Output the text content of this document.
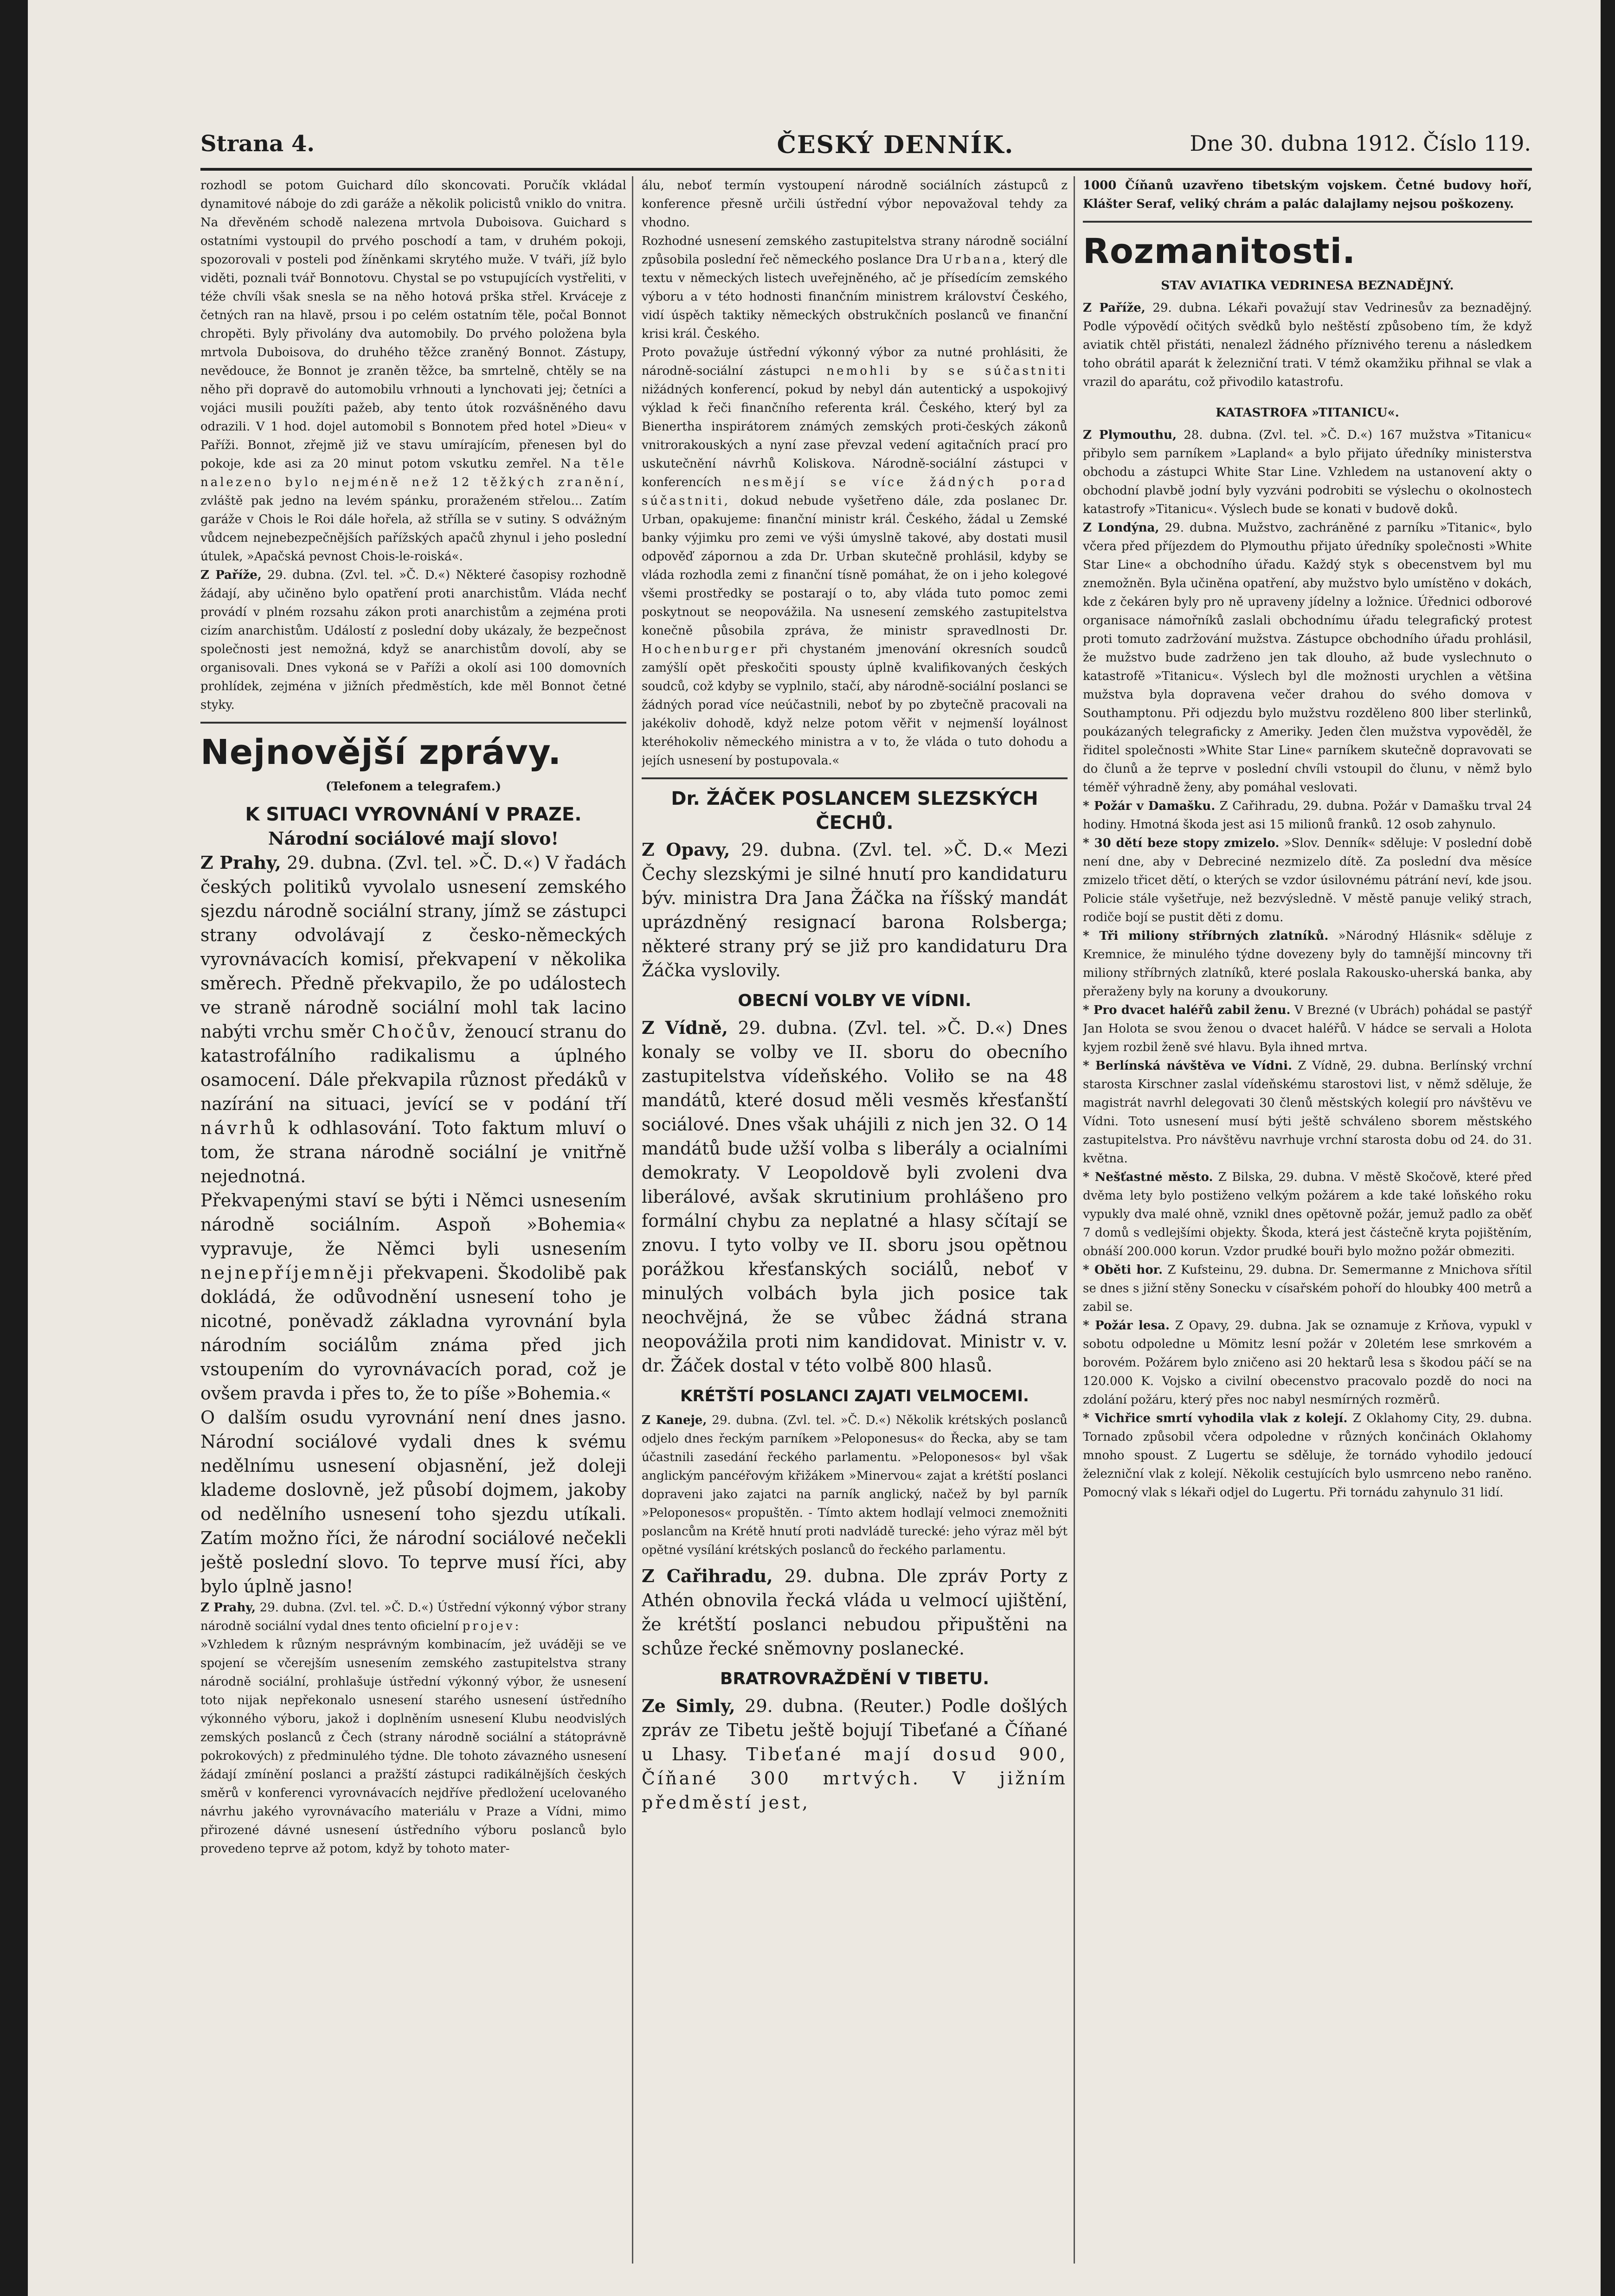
Strana 4.	ČESKÝ DENNÍK.	Dne 30. dubna 1912. Číslo 119.

rozhodl se potom Guichard dílo skoncovati. Poručík vkládal dynamitové náboje do zdi garáže a několik policistů vniklo do vnitra. Na dřevěném schodě nalezena mrtvola Duboisova. Guichard s ostatními vystoupil do prvého poschodí a tam, v druhém pokoji, spozorovali v posteli pod žíněnkami skrytého muže. V tváři, jíž bylo viděti, poznali tvář Bonnotovu. Chystal se po vstupujících vystřeliti, v téže chvíli však snesla se na něho hotová prška střel. Krváceje z četných ran na hlavě, prsou i po celém ostatním těle, počal Bonnot chropěti. Byly přivolány dva automobily. Do prvého položena byla mrtvola Duboisova, do druhého těžce zraněný Bonnot. Zástupy, nevědouce, že Bonnot je zraněn těžce, ba smrtelně, chtěly se na něho při dopravě do automobilu vrhnouti a lynchovati jej; četníci a vojáci musili použíti pažeb, aby tento útok rozvášněného davu odrazili. V 1 hod. dojel automobil s Bonnotem před hotel »Dieu« v Paříži. Bonnot, zřejmě již ve stavu umírajícím, přenesen byl do pokoje, kde asi za 20 minut potom vskutku zemřel. Na těle nalezeno bylo nejméně než 12 těžkých zranění, zvláště pak jedno na levém spánku, proraženém střelou... Zatím garáže v Chois le Roi dále hořela, až střílla se v sutiny. S odvážným vůdcem nejnebezpečnějších pařížských apačů zhynul i jeho poslední útulek, »Apačská pevnost Chois-le-roiská«.

Z Paříže, 29. dubna. (Zvl. tel. »Č. D.«) Některé časopisy rozhodně žádají, aby učiněno bylo opatření proti anarchistům. Vláda nechť provádí v plném rozsahu zákon proti anarchistům a zejména proti cizím anarchistům. Událostí z poslední doby ukázaly, že bezpečnost společnosti jest nemožná, když se anarchistům dovolí, aby se organisovali. Dnes vykoná se v Paříži a okolí asi 100 domovních prohlídek, zejména v jižních předměstích, kde měl Bonnot četné styky.

Nejnovější zprávy.
(Telefonem a telegrafem.)
K SITUACI VYROVNÁNÍ V PRAZE.
Národní sociálové mají slovo!

Z Prahy, 29. dubna. (Zvl. tel. »Č. D.«) V řadách českých politiků vyvolalo usnesení zemského sjezdu národně sociální strany, jímž se zástupci strany odvolávají z česko-německých vyrovnávacích komisí, překvapení v několika směrech. Předně překvapilo, že po událostech ve straně národně sociální mohl tak lacino nabýti vrchu směr Chočův, ženoucí stranu do katastrofálního radikalismu a úplného osamocení. Dále překvapila různost předáků v nazírání na situaci, jevící se v podání tří návrhů k odhlasování. Toto faktum mluví o tom, že strana národně sociální je vnitřně nejednotná.

Překvapenými staví se býti i Němci usnesením národně sociálním. Aspoň »Bohemia« vypravuje, že Němci byli usnesením nejnepříjemněji překvapeni. Škodolibě pak dokládá, že odůvodnění usnesení toho je nicotné, poněvadž základna vyrovnání byla národním sociálům známa před jich vstoupením do vyrovnávacích porad, což je ovšem pravda i přes to, že to píše »Bohemia.«

O dalším osudu vyrovnání není dnes jasno. Národní sociálové vydali dnes k svému nedělnímu usnesení objasnění, jež doleji klademe doslovně, jež působí dojmem, jakoby od nedělního usnesení toho sjezdu utíkali. Zatím možno říci, že národní sociálové nečekli ještě poslední slovo. To teprve musí říci, aby bylo úplně jasno!

Z Prahy, 29. dubna. (Zvl. tel. »Č. D.«) Ústřední výkonný výbor strany národně sociální vydal dnes tento oficielní projev:

»Vzhledem k různým nesprávným kombinacím, jež uváději se ve spojení se včerejším usnesením zemského zastupitelstva strany národně sociální, prohlašuje ústřední výkonný výbor, že usnesení toto nijak nepřekonalo usnesení starého usnesení ústředního výkonného výboru, jakož i doplněním usnesení Klubu neodvislých zemských poslanců z Čech (strany národně sociální a státoprávně pokrokových) z předminulého týdne. Dle tohoto závazného usnesení žádají zmínění poslanci a pražští zástupci radikálnějších českých směrů v konferenci vyrovnávacích nejdříve předložení ucelovaného návrhu jakého vyrovnávacího materiálu v Praze a Vídni, mimo přirozené dávné usnesení ústředního výboru poslanců bylo provedeno teprve až potom, když by tohoto mater-

álu, neboť termín vystoupení národně sociálních zástupců z konference přesně určili ústřední výbor nepovažoval tehdy za vhodno.

Rozhodné usnesení zemského zastupitelstva strany národně sociální způsobila poslední řeč německého poslance Dra Urbana, který dle textu v německých listech uveřejněného, ač je přísedícím zemského výboru a v této hodnosti finančním ministrem království Českého, vidí úspěch taktiky německých obstrukčních poslanců ve finanční krisi král. Českého.

Proto považuje ústřední výkonný výbor za nutné prohlásiti, že národně-sociální zástupci nemohli by se súčastniti nižádných konferencí, pokud by nebyl dán autentický a uspokojivý výklad k řeči finančního referenta král. Českého, který byl za Bienertha inspirátorem známých zemských proti-českých zákonů vnitrorakouských a nyní zase převzal vedení agitačních prací pro uskutečnění návrhů Koliskova. Národně-sociální zástupci v konferencích nesmějí se více žádných porad súčastniti, dokud nebude vyšetřeno dále, zda poslanec Dr. Urban, opakujeme: finanční ministr král. Českého, žádal u Zemské banky výjimku pro zemi ve výši úmyslně takové, aby dostati musil odpověď zápornou a zda Dr. Urban skutečně prohlásil, kdyby se vláda rozhodla zemi z finanční tísně pomáhat, že on i jeho kolegové všemi prostředky se postarají o to, aby vláda tuto pomoc zemi poskytnout se neopovážila. Na usnesení zemského zastupitelstva konečně působila zpráva, že ministr spravedlnosti Dr. Hochenburger při chystaném jmenování okresních soudců zamýšlí opět přeskočiti spousty úplně kvalifikovaných českých soudců, což kdyby se vyplnilo, stačí, aby národně-sociální poslanci se žádných porad více neúčastnili, neboť by po zbytečně pracovali na jakékoliv dohodě, když nelze potom věřit v nejmenší loyálnost kteréhokoliv německého ministra a v to, že vláda o tuto dohodu a jejích usnesení by postupovala.«

Dr. ŽÁČEK POSLANCEM SLEZSKÝCH ČECHŮ.

Z Opavy, 29. dubna. (Zvl. tel. »Č. D.« Mezi Čechy slezskými je silné hnutí pro kandidaturu býv. ministra Dra Jana Žáčka na říšský mandát uprázdněný resignací barona Rolsberga; některé strany prý se již pro kandidaturu Dra Žáčka vyslovily.

OBECNÍ VOLBY VE VÍDNI.

Z Vídně, 29. dubna. (Zvl. tel. »Č. D.«) Dnes konaly se volby ve II. sboru do obecního zastupitelstva vídeňského. Voliło se na 48 mandátů, které dosud měli vesměs křesťanští sociálové. Dnes však uhájili z nich jen 32. O 14 mandátů bude užší volba s liberály a ocialními demokraty. V Leopoldově byli zvoleni dva liberálové, avšak skrutinium prohlášeno pro formální chybu za neplatné a hlasy sčítají se znovu. I tyto volby ve II. sboru jsou opětnou porážkou křesťanských sociálů, neboť v minulých volbách byla jich posice tak neochvějná, že se vůbec žádná strana neopovážila proti nim kandidovat. Ministr v. v. dr. Žáček dostal v této volbě 800 hlasů.

KRÉTŠTÍ POSLANCI ZAJATI VELMOCEMI.

Z Kaneje, 29. dubna. (Zvl. tel. »Č. D.«) Několik krétských poslanců odjelo dnes řeckým parníkem »Peloponesus« do Řecka, aby se tam účastnili zasedání řeckého parlamentu. »Peloponesos« byl však anglickým pancéřovým křižákem »Minervou« zajat a krétští poslanci dopraveni jako zajatci na parník anglický, načež by byl parník »Peloponesos« propuštěn. - Tímto aktem hodlají velmoci znemožniti poslancům na Krétě hnutí proti nadvládě turecké: jeho výraz měl být opětné vysílání krétských poslanců do řeckého parlamentu.

Z Cařihradu, 29. dubna. Dle zpráv Porty z Athén obnovila řecká vláda u velmocí ujištění, že krétští poslanci nebudou připuštěni na schůze řecké sněmovny poslanecké.

BRATROVRAŽDĚNÍ V TIBETU.

Ze Simly, 29. dubna. (Reuter.) Podle došlých zpráv ze Tibetu ještě bojují Tibeťané a Číňané u Lhasy. Tibeťané mají dosud 900, Číňané 300 mrtvých. V jižním předměstí jest,

1000 Číňanů uzavřeno tibetským vojskem. Četné budovy hoří, Klášter Seraf, veliký chrám a palác dalajlamy nejsou poškozeny.

Rozmanitosti.
STAV AVIATIKA VEDRINESA BEZNADĚJNÝ.

Z Paříže, 29. dubna. Lékaři považují stav Vedrinesův za beznadějný. Podle výpovědí očitých svědků bylo neštěstí způsobeno tím, že když aviatik chtěl přistáti, nenalezl žádného příznivého terenu a následkem toho obrátil aparát k železniční trati. V témž okamžiku přihnal se vlak a vrazil do aparátu, což přivodilo katastrofu.

KATASTROFA »TITANICU«.

Z Plymouthu, 28. dubna. (Zvl. tel. »Č. D.«) 167 mužstva »Titanicu« přibylo sem parníkem »Lapland« a bylo přijato úředníky ministerstva obchodu a zástupci White Star Line. Vzhledem na ustanovení akty o obchodní plavbě jodní byly vyzváni podrobiti se výslechu o okolnostech katastrofy »Titanicu«. Výslech bude se konati v budově doků.

Z Londýna, 29. dubna. Mužstvo, zachráněné z parníku »Titanic«, bylo včera před příjezdem do Plymouthu přijato úředníky společnosti »White Star Line« a obchodního úřadu. Každý styk s obecenstvem byl mu znemožněn. Byla učiněna opatření, aby mužstvo bylo umístěno v dokách, kde z čekáren byly pro ně upraveny jídelny a ložnice. Úřednici odborové organisace námořníků zaslali obchodnímu úřadu telegrafický protest proti tomuto zadržování mužstva. Zástupce obchodního úřadu prohlásil, že mužstvo bude zadrženo jen tak dlouho, až bude vyslechnuto o katastrofě »Titanicu«. Výslech byl dle možnosti urychlen a většina mužstva byla dopravena večer drahou do svého domova v Southamptonu. Při odjezdu bylo mužstvu rozděleno 800 liber sterlinků, poukázaných telegraficky z Ameriky. Jeden člen mužstva vypověděl, že řiditel společnosti »White Star Line« parníkem skutečně dopravovati se do člunů a že teprve v poslední chvíli vstoupil do člunu, v němž bylo téměř výhradně ženy, aby pomáhal veslovati.

* Požár v Damašku. Z Cařihradu, 29. dubna. Požár v Damašku trval 24 hodiny. Hmotná škoda jest asi 15 milionů franků. 12 osob zahynulo.

* 30 dětí beze stopy zmizelo. »Slov. Denník« sděluje: V poslední době není dne, aby v Debreciné nezmizelo dítě. Za poslední dva měsíce zmizelo třicet dětí, o kterých se vzdor úsilovnému pátrání neví, kde jsou. Policie stále vyšetřuje, než bezvýsledně. V městě panuje veliký strach, rodiče bojí se pustit děti z domu.

* Tři miliony stříbrných zlatníků. »Národný Hlásnik« sděluje z Kremnice, že minulého týdne dovezeny byly do tamnější mincovny tři miliony stříbrných zlatníků, které poslala Rakousko-uherská banka, aby přeraženy byly na koruny a dvoukoruny.

* Pro dvacet haléřů zabil ženu. V Brezné (v Ubrách) pohádal se pastýř Jan Holota se svou ženou o dvacet haléřů. V hádce se servali a Holota kyjem rozbil ženě své hlavu. Byla ihned mrtva.

* Berlínská návštěva ve Vídni. Z Vídně, 29. dubna. Berlínský vrchní starosta Kirschner zaslal vídeňskému starostovi list, v němž sděluje, že magistrát navrhl delegovati 30 členů městských kolegií pro návštěvu ve Vídni. Toto usnesení musí býti ještě schváleno sborem městského zastupitelstva. Pro návštěvu navrhuje vrchní starosta dobu od 24. do 31. května.

* Nešťastné město. Z Bilska, 29. dubna. V městě Skočově, které před dvěma lety bylo postiženo velkým požárem a kde také loňského roku vypukly dva malé ohně, vznikl dnes opětovně požár, jemuž padlo za oběť 7 domů s vedlejšími objekty. Škoda, která jest částečně kryta pojištěním, obnáší 200.000 korun. Vzdor prudké bouři bylo možno požár obmeziti.

* Oběti hor. Z Kufsteinu, 29. dubna. Dr. Semermanne z Mnichova sřítil se dnes s jižní stěny Sonecku v císařském pohoří do hloubky 400 metrů a zabil se.

* Požár lesa. Z Opavy, 29. dubna. Jak se oznamuje z Krňova, vypukl v sobotu odpoledne u Mömitz lesní požár v 20letém lese smrkovém a borovém. Požárem bylo zničeno asi 20 hektarů lesa s škodou páčí se na 120.000 K. Vojsko a civilní obecenstvo pracovalo pozdě do noci na zdolání požáru, který přes noc nabyl nesmírných rozměrů.

* Vichřice smrtí vyhodila vlak z kolejí. Z Oklahomy City, 29. dubna. Tornado způsobil včera odpoledne v různých končinách Oklahomy mnoho spoust. Z Lugertu se sděluje, že tornádo vyhodilo jedoucí železniční vlak z kolejí. Několik cestujících bylo usmrceno nebo raněno. Pomocný vlak s lékaři odjel do Lugertu. Při tornádu zahynulo 31 lidí.
